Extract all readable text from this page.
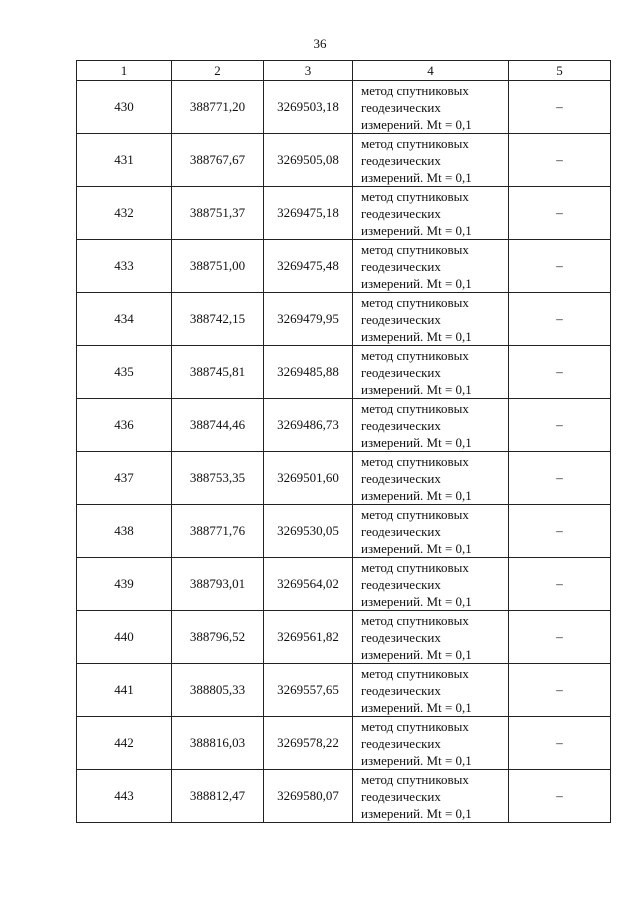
36
1	2	3	4	5
430	388771,20	3269503,18	метод спутниковых
геодезических
измерений. Mt = 0,1	–
431	388767,67	3269505,08	метод спутниковых
геодезических
измерений. Mt = 0,1	–
432	388751,37	3269475,18	метод спутниковых
геодезических
измерений. Mt = 0,1	–
433	388751,00	3269475,48	метод спутниковых
геодезических
измерений. Mt = 0,1	–
434	388742,15	3269479,95	метод спутниковых
геодезических
измерений. Mt = 0,1	–
435	388745,81	3269485,88	метод спутниковых
геодезических
измерений. Mt = 0,1	–
436	388744,46	3269486,73	метод спутниковых
геодезических
измерений. Mt = 0,1	–
437	388753,35	3269501,60	метод спутниковых
геодезических
измерений. Mt = 0,1	–
438	388771,76	3269530,05	метод спутниковых
геодезических
измерений. Mt = 0,1	–
439	388793,01	3269564,02	метод спутниковых
геодезических
измерений. Mt = 0,1	–
440	388796,52	3269561,82	метод спутниковых
геодезических
измерений. Mt = 0,1	–
441	388805,33	3269557,65	метод спутниковых
геодезических
измерений. Mt = 0,1	–
442	388816,03	3269578,22	метод спутниковых
геодезических
измерений. Mt = 0,1	–
443	388812,47	3269580,07	метод спутниковых
геодезических
измерений. Mt = 0,1	–
